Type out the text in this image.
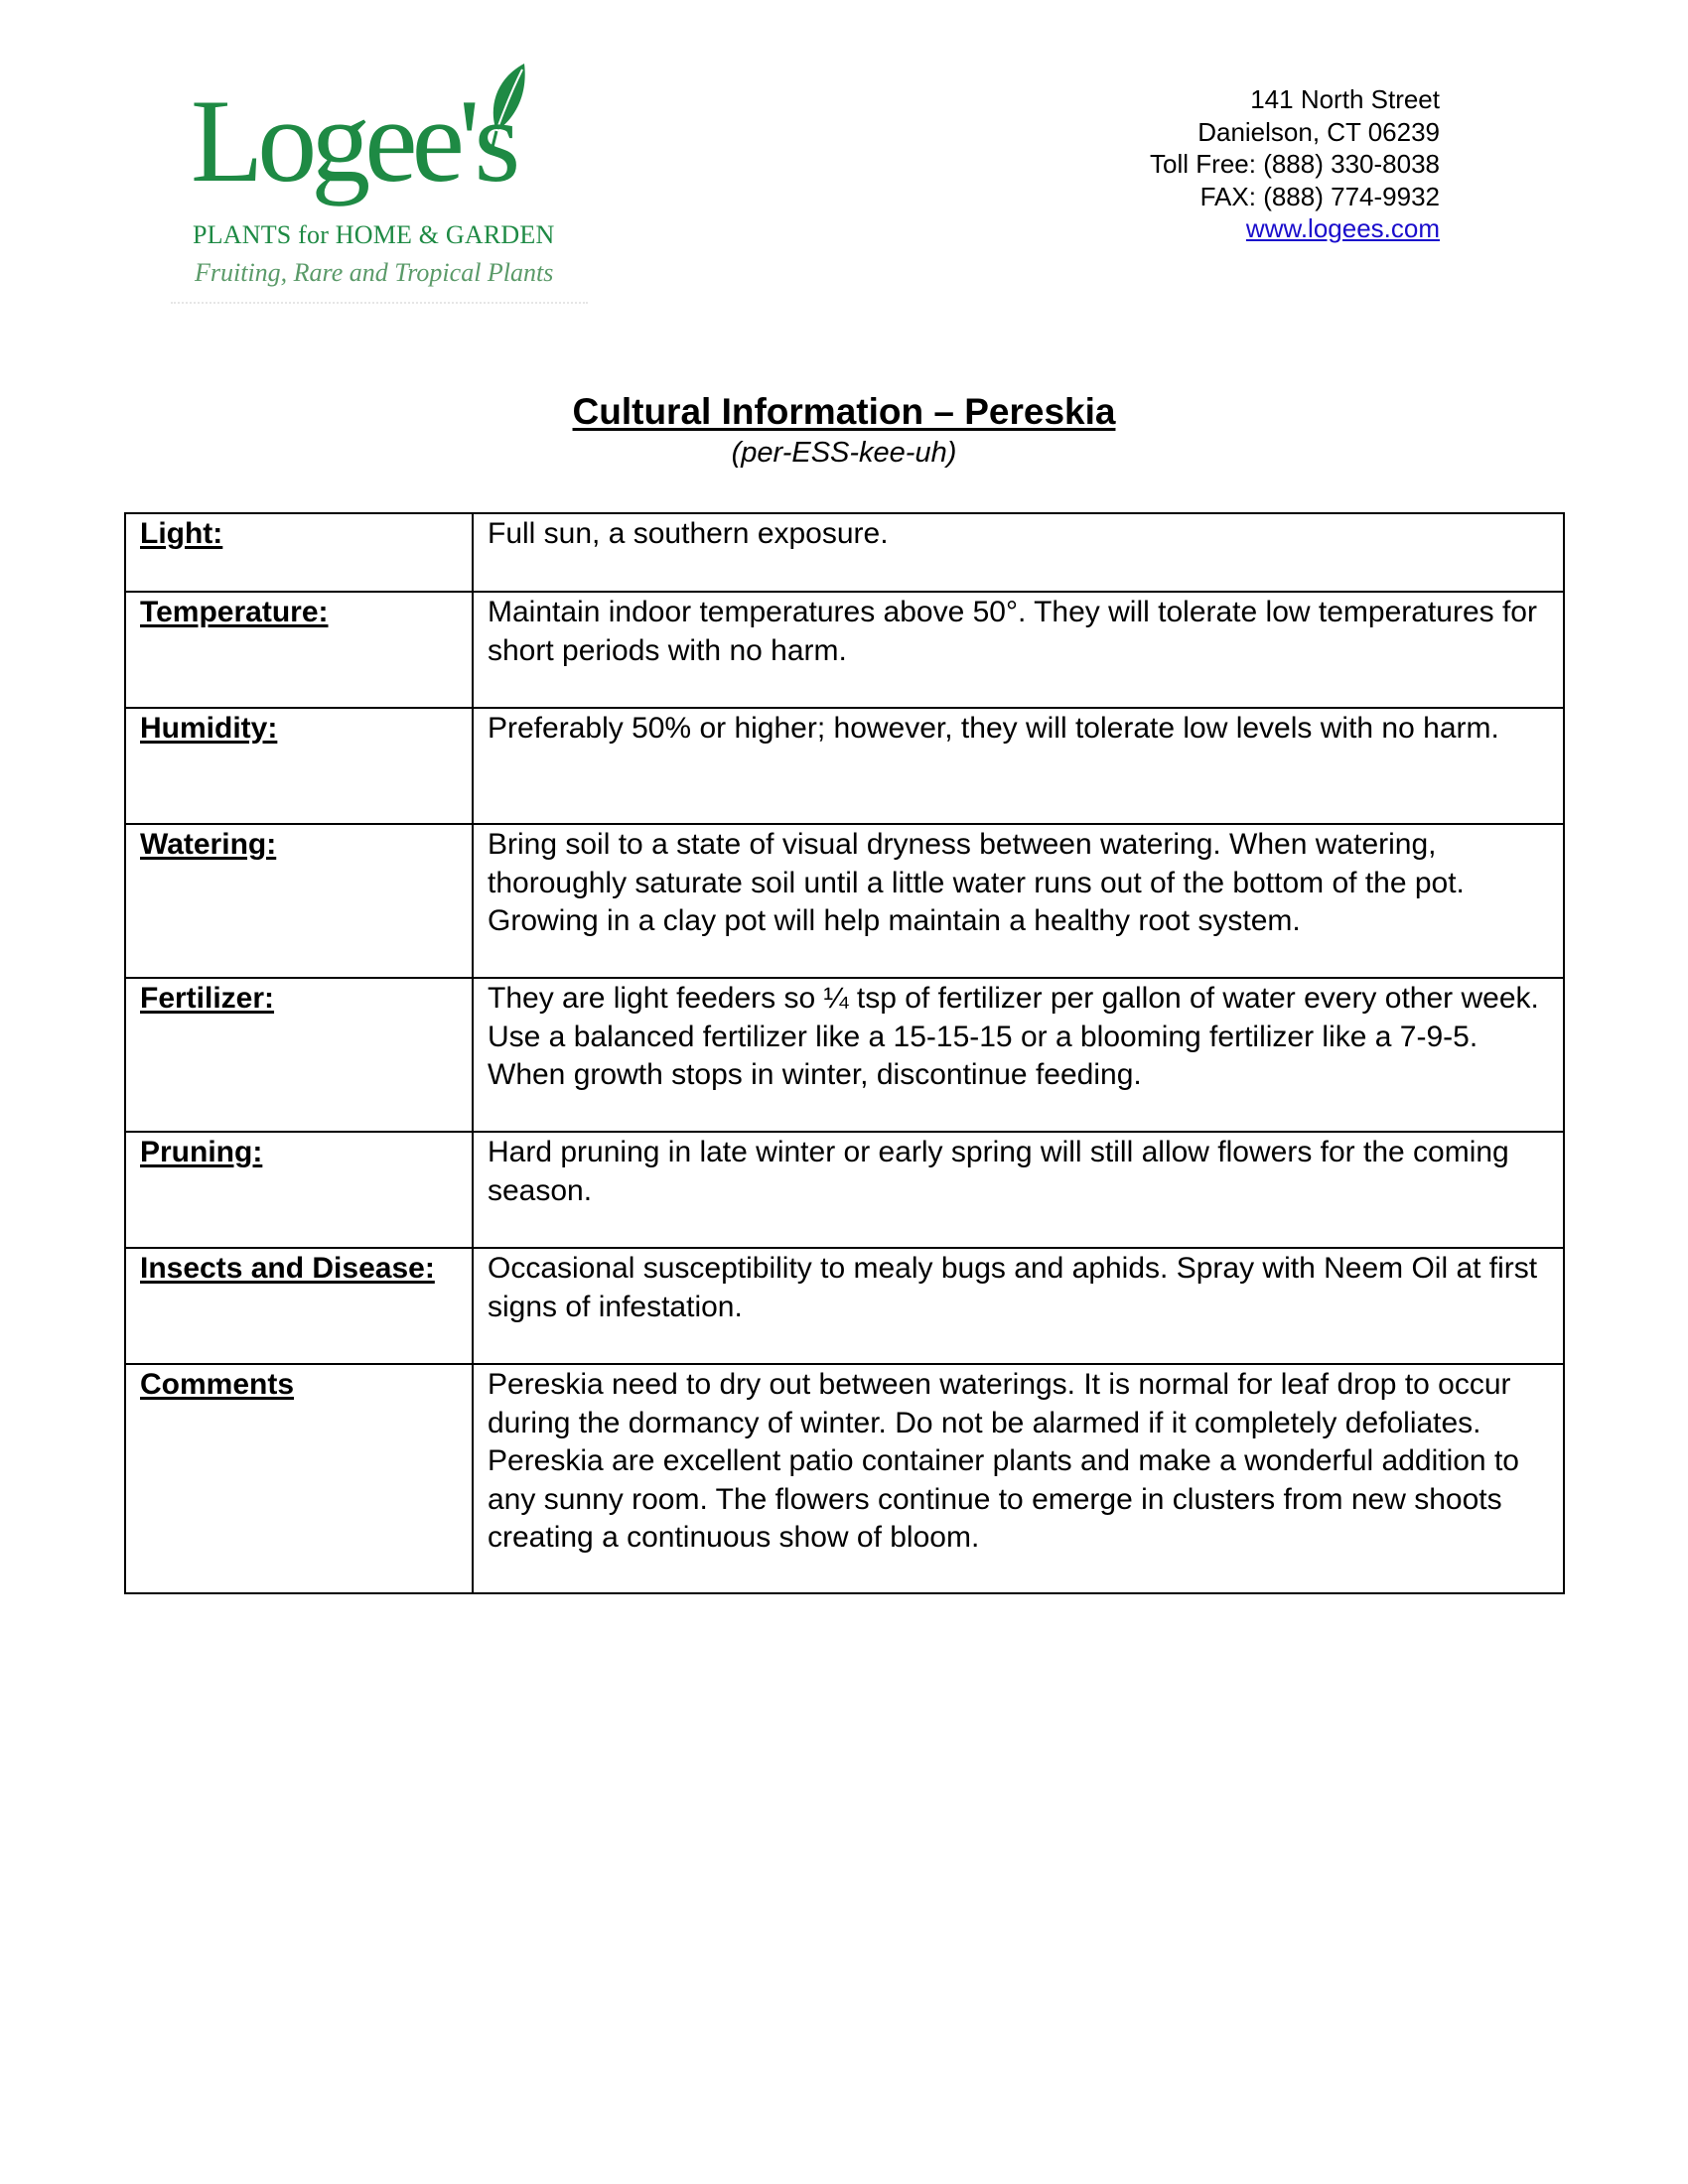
Logee's
PLANTS for HOME & GARDEN
Fruiting, Rare and Tropical Plants
141 North Street
Danielson, CT 06239
Toll Free: (888) 330-8038
FAX: (888) 774-9932
www.logees.com
Cultural Information – Pereskia
(per-ESS-kee-uh)
Light:	Full sun, a southern exposure.
Temperature:	Maintain indoor temperatures above 50°. They will tolerate low temperatures for short periods with no harm.
Humidity:	Preferably 50% or higher; however, they will tolerate low levels with no harm.
Watering:	Bring soil to a state of visual dryness between watering. When watering, thoroughly saturate soil until a little water runs out of the bottom of the pot. Growing in a clay pot will help maintain a healthy root system.
Fertilizer:	They are light feeders so ¼ tsp of fertilizer per gallon of water every other week. Use a balanced fertilizer like a 15-15-15 or a blooming fertilizer like a 7-9-5. When growth stops in winter, discontinue feeding.
Pruning:	Hard pruning in late winter or early spring will still allow flowers for the coming season.
Insects and Disease:	Occasional susceptibility to mealy bugs and aphids. Spray with Neem Oil at first signs of infestation.
Comments	Pereskia need to dry out between waterings. It is normal for leaf drop to occur during the dormancy of winter. Do not be alarmed if it completely defoliates. Pereskia are excellent patio container plants and make a wonderful addition to any sunny room. The flowers continue to emerge in clusters from new shoots creating a continuous show of bloom.
